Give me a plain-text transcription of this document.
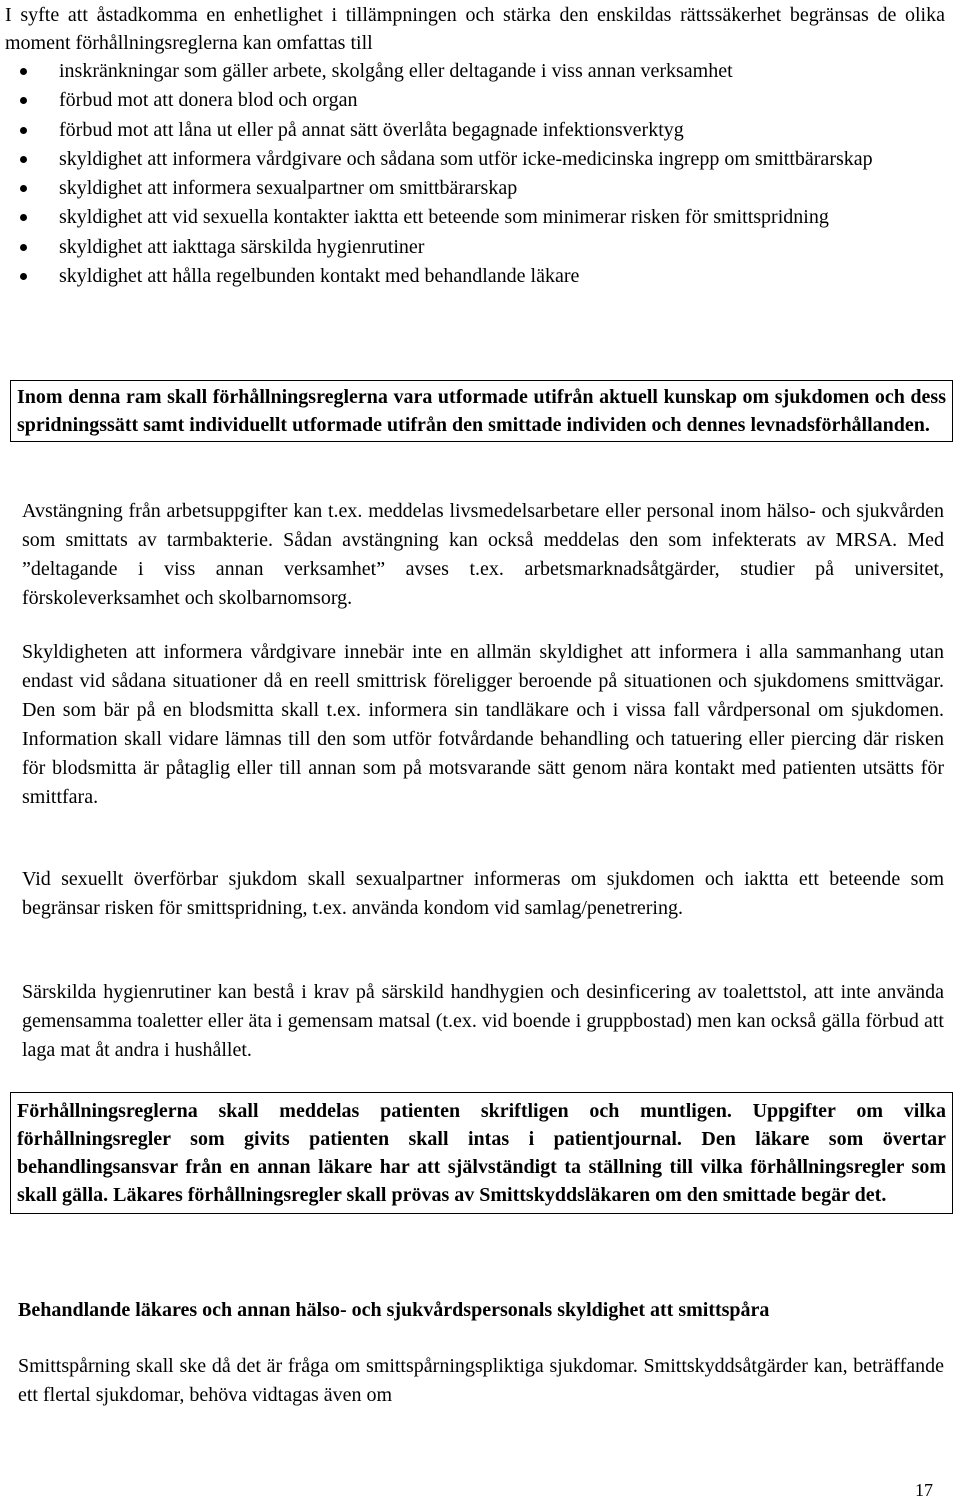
I syfte att åstadkomma en enhetlighet i tillämpningen och stärka den enskildas rättssäkerhet begränsas de olika moment förhållningsreglerna kan omfattas till

inskränkningar som gäller arbete, skolgång eller deltagande i viss annan verksamhet
förbud mot att donera blod och organ
förbud mot att låna ut eller på annat sätt överlåta begagnade infektionsverktyg
skyldighet att informera vårdgivare och sådana som utför icke-medicinska ingrepp om smittbärarskap
skyldighet att informera sexualpartner om smittbärarskap
skyldighet att vid sexuella kontakter iaktta ett beteende som minimerar risken för smittspridning
skyldighet att iakttaga särskilda hygienrutiner
skyldighet att hålla regelbunden kontakt med behandlande läkare
Inom denna ram skall förhållningsreglerna vara utformade utifrån aktuell kunskap om sjukdomen och dess spridningssätt samt individuellt utformade utifrån den smittade individen och dennes levnadsförhållanden.

Avstängning från arbetsuppgifter kan t.ex. meddelas livsmedelsarbetare eller personal inom hälso- och sjukvården som smittats av tarmbakterie. Sådan avstängning kan också meddelas den som infekterats av MRSA. Med ”deltagande i viss annan verksamhet” avses t.ex. arbetsmarknadsåtgärder, studier på universitet, förskoleverksamhet och skolbarnomsorg.

Skyldigheten att informera vårdgivare innebär inte en allmän skyldighet att informera i alla sammanhang utan endast vid sådana situationer då en reell smittrisk föreligger beroende på situationen och sjukdomens smittvägar. Den som bär på en blodsmitta skall t.ex. informera sin tandläkare och i vissa fall vårdpersonal om sjukdomen. Information skall vidare lämnas till den som utför fotvårdande behandling och tatuering eller piercing där risken för blodsmitta är påtaglig eller till annan som på motsvarande sätt genom nära kontakt med patienten utsätts för smittfara.

Vid sexuellt överförbar sjukdom skall sexualpartner informeras om sjukdomen och iaktta ett beteende som begränsar risken för smittspridning, t.ex. använda kondom vid samlag/penetrering.

Särskilda hygienrutiner kan bestå i krav på särskild handhygien och desinficering av toalettstol, att inte använda gemensamma toaletter eller äta i gemensam matsal (t.ex. vid boende i gruppbostad) men kan också gälla förbud att laga mat åt andra i hushållet.

Förhållningsreglerna skall meddelas patienten skriftligen och muntligen. Uppgifter om vilka förhållningsregler som givits patienten skall intas i patientjournal. Den läkare som övertar behandlingsansvar från en annan läkare har att självständigt ta ställning till vilka förhållningsregler som skall gälla. Läkares förhållningsregler skall prövas av Smittskyddsläkaren om den smittade begär det.

Behandlande läkares och annan hälso- och sjukvårdspersonals skyldighet att smittspåra

Smittspårning skall ske då det är fråga om smittspårningspliktiga sjukdomar. Smittskyddsåtgärder kan, beträffande ett flertal sjukdomar, behöva vidtagas även om

17
